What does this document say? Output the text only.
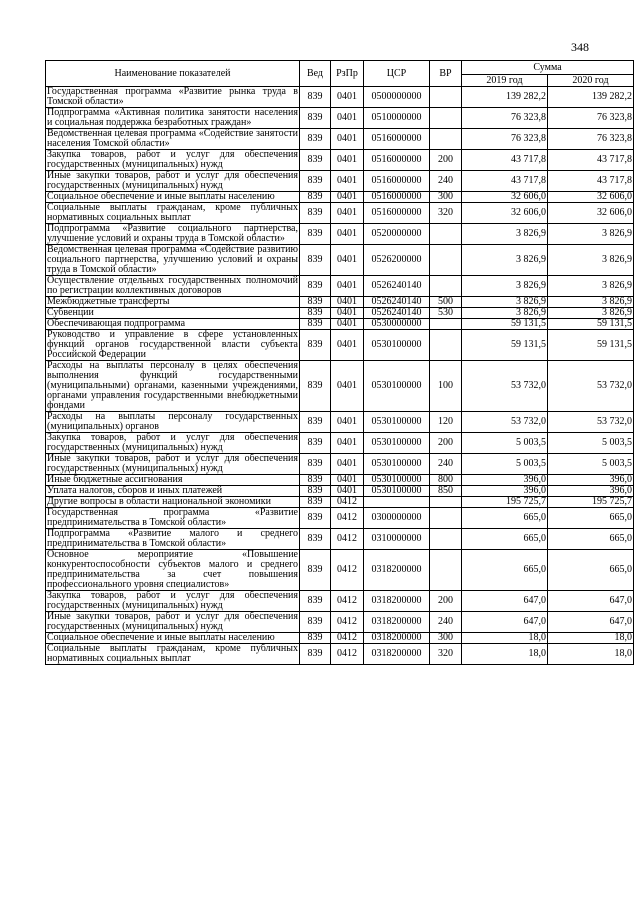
348
Наименование показателей	Вед	РзПр	ЦСР	ВР	Сумма	
					2019 год	2020 год
Государственная программа «Развитие рынка труда в Томской области»	839	0401	0500000000		139 282,2	139 282,2
Подпрограмма «Активная политика занятости населения и социальная поддержка безработных граждан»	839	0401	0510000000		76 323,8	76 323,8
Ведомственная целевая программа «Содействие занятости населения Томской области»	839	0401	0516000000		76 323,8	76 323,8
Закупка товаров, работ и услуг для обеспечения государственных (муниципальных) нужд	839	0401	0516000000	200	43 717,8	43 717,8
Иные закупки товаров, работ и услуг для обеспечения государственных (муниципальных) нужд	839	0401	0516000000	240	43 717,8	43 717,8
Социальное обеспечение и иные выплаты населению	839	0401	0516000000	300	32 606,0	32 606,0
Социальные выплаты гражданам, кроме публичных нормативных социальных выплат	839	0401	0516000000	320	32 606,0	32 606,0
Подпрограмма «Развитие социального партнерства, улучшение условий и охраны труда в Томской области»	839	0401	0520000000		3 826,9	3 826,9
Ведомственная целевая программа «Содействие развитию социального партнерства, улучшению условий и охраны труда в Томской области»	839	0401	0526200000		3 826,9	3 826,9
Осуществление отдельных государственных полномочий по регистрации коллективных договоров	839	0401	0526240140		3 826,9	3 826,9
Межбюджетные трансферты	839	0401	0526240140	500	3 826,9	3 826,9
Субвенции	839	0401	0526240140	530	3 826,9	3 826,9
Обеспечивающая подпрограмма	839	0401	0530000000		59 131,5	59 131,5
Руководство и управление в сфере установленных функций органов государственной власти субъекта Российской Федерации	839	0401	0530100000		59 131,5	59 131,5
Расходы на выплаты персоналу в целях обеспечения выполнения функций государственными (муниципальными) органами, казенными учреждениями, органами управления государственными внебюджетными фондами	839	0401	0530100000	100	53 732,0	53 732,0
Расходы на выплаты персоналу государственных (муниципальных) органов	839	0401	0530100000	120	53 732,0	53 732,0
Закупка товаров, работ и услуг для обеспечения государственных (муниципальных) нужд	839	0401	0530100000	200	5 003,5	5 003,5
Иные закупки товаров, работ и услуг для обеспечения государственных (муниципальных) нужд	839	0401	0530100000	240	5 003,5	5 003,5
Иные бюджетные ассигнования	839	0401	0530100000	800	396,0	396,0
Уплата налогов, сборов и иных платежей	839	0401	0530100000	850	396,0	396,0
Другие вопросы в области национальной экономики	839	0412			195 725,7	195 725,7
Государственная программа «Развитие предпринимательства в Томской области»	839	0412	0300000000		665,0	665,0
Подпрограмма «Развитие малого и среднего предпринимательства в Томской области»	839	0412	0310000000		665,0	665,0
Основное мероприятие «Повышение конкурентоспособности субъектов малого и среднего предпринимательства за счет повышения профессионального уровня специалистов»	839	0412	0318200000		665,0	665,0
Закупка товаров, работ и услуг для обеспечения государственных (муниципальных) нужд	839	0412	0318200000	200	647,0	647,0
Иные закупки товаров, работ и услуг для обеспечения государственных (муниципальных) нужд	839	0412	0318200000	240	647,0	647,0
Социальное обеспечение и иные выплаты населению	839	0412	0318200000	300	18,0	18,0
Социальные выплаты гражданам, кроме публичных нормативных социальных выплат	839	0412	0318200000	320	18,0	18,0
